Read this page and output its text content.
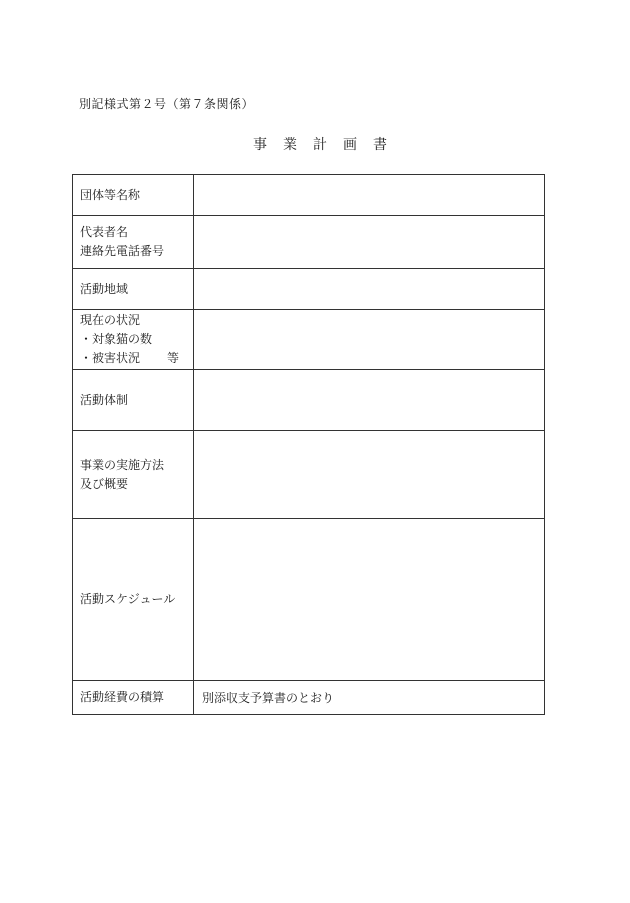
別記様式第２号（第７条関係）
事 業 計 画 書
団体等名称	

代表者名
連絡先電話番号	

活動地域	

現在の状況
・対象猫の数
・被害状況 等	

活動体制	

事業の実施方法
及び概要	

活動スケジュール	

活動経費の積算	別添収支予算書のとおり
